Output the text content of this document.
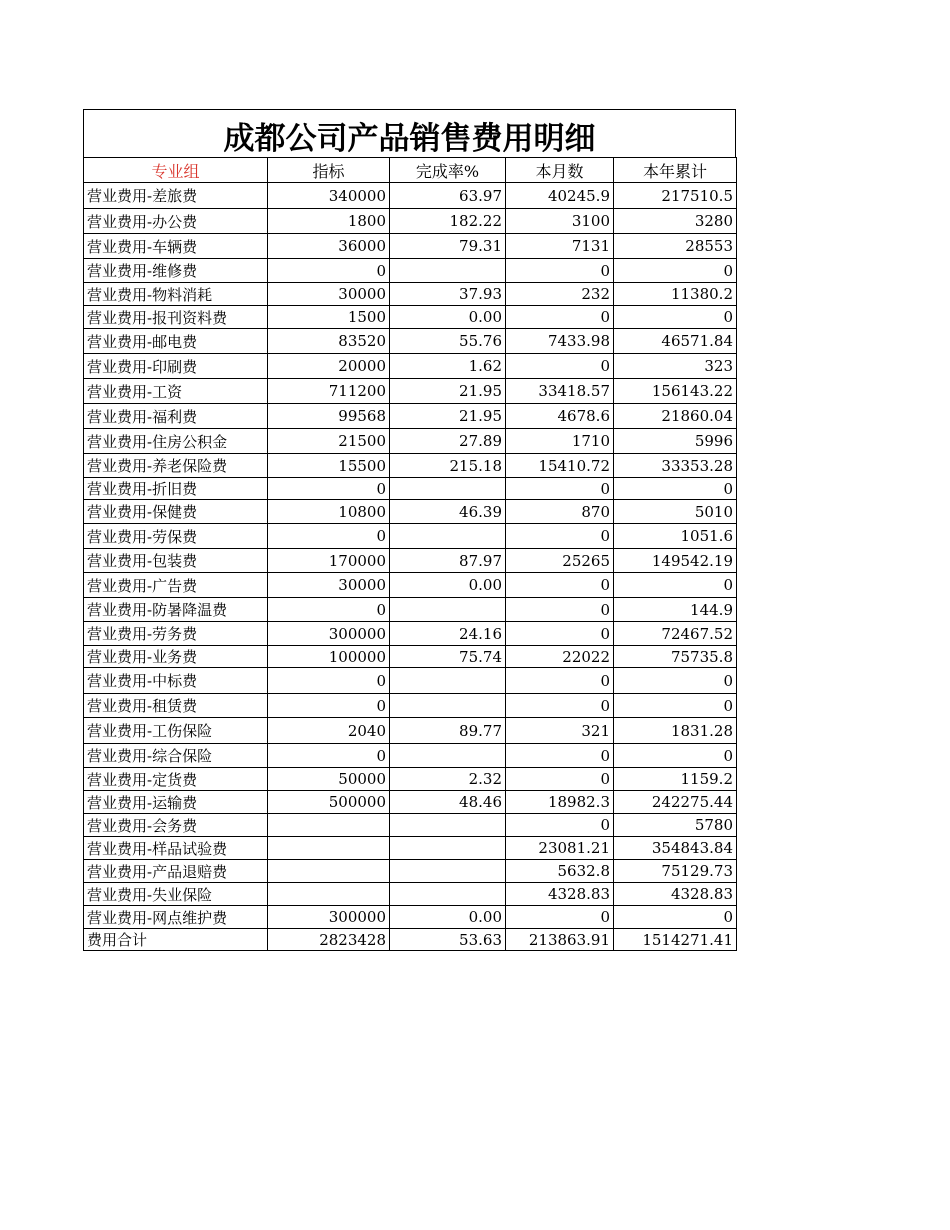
成都公司产品销售费用明细
专业组	指标	完成率%	本月数	本年累计
营业费用-差旅费	340000	63.97	40245.9	217510.5
营业费用-办公费	1800	182.22	3100	3280
营业费用-车辆费	36000	79.31	7131	28553
营业费用-维修费	0		0	0
营业费用-物料消耗	30000	37.93	232	11380.2
营业费用-报刊资料费	1500	0.00	0	0
营业费用-邮电费	83520	55.76	7433.98	46571.84
营业费用-印刷费	20000	1.62	0	323
营业费用-工资	711200	21.95	33418.57	156143.22
营业费用-福利费	99568	21.95	4678.6	21860.04
营业费用-住房公积金	21500	27.89	1710	5996
营业费用-养老保险费	15500	215.18	15410.72	33353.28
营业费用-折旧费	0		0	0
营业费用-保健费	10800	46.39	870	5010
营业费用-劳保费	0		0	1051.6
营业费用-包装费	170000	87.97	25265	149542.19
营业费用-广告费	30000	0.00	0	0
营业费用-防暑降温费	0		0	144.9
营业费用-劳务费	300000	24.16	0	72467.52
营业费用-业务费	100000	75.74	22022	75735.8
营业费用-中标费	0		0	0
营业费用-租赁费	0		0	0
营业费用-工伤保险	2040	89.77	321	1831.28
营业费用-综合保险	0		0	0
营业费用-定货费	50000	2.32	0	1159.2
营业费用-运输费	500000	48.46	18982.3	242275.44
营业费用-会务费			0	5780
营业费用-样品试验费			23081.21	354843.84
营业费用-产品退赔费			5632.8	75129.73
营业费用-失业保险			4328.83	4328.83
营业费用-网点维护费	300000	0.00	0	0
费用合计	2823428	53.63	213863.91	1514271.41
